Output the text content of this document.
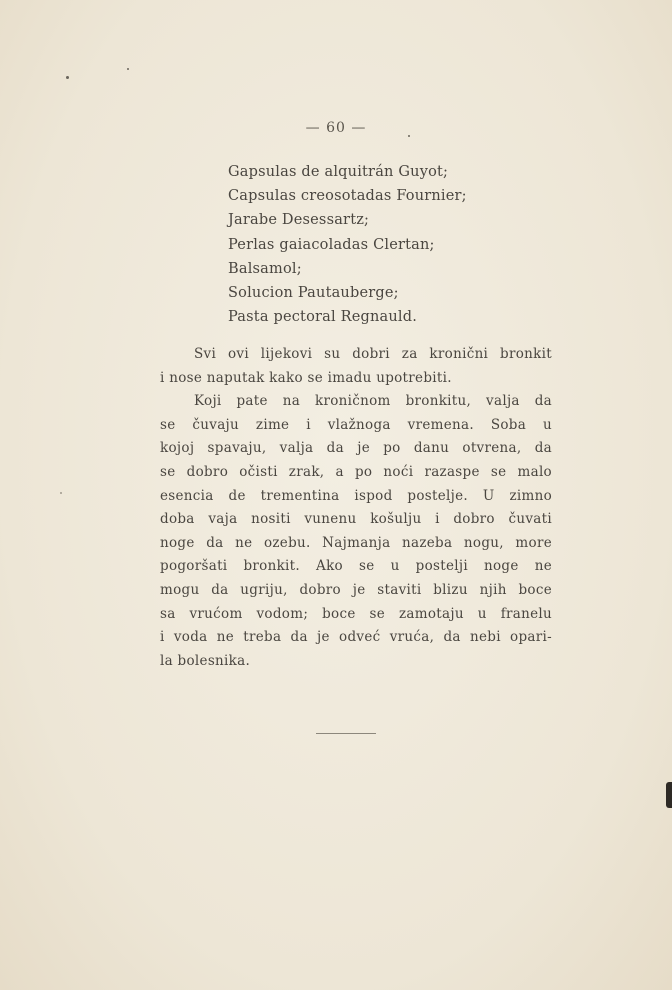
— 60 —
Gapsulas de alquitrán Guyot;
Capsulas creosotadas Fournier;
Jarabe Desessartz;
Perlas gaiacoladas Clertan;
Balsamol;
Solucion Pautauberge;
Pasta pectoral Regnauld.
Svi ovi lijekovi su dobri za kronični bronkit
i nose naputak kako se imadu upotrebiti.
Koji pate na kroničnom bronkitu, valja da
se čuvaju zime i vlažnoga vremena. Soba u
kojoj spavaju, valja da je po danu otvrena, da
se dobro očisti zrak, a po noći razaspe se malo
esencia de trementina ispod postelje. U zimno
doba vaja nositi vunenu košulju i dobro čuvati
noge da ne ozebu. Najmanja nazeba nogu, more
pogoršati bronkit. Ako se u postelji noge ne
mogu da ugriju, dobro je staviti blizu njih boce
sa vrućom vodom; boce se zamotaju u franelu
i voda ne treba da je odveć vruća, da nebi opari-
la bolesnika.
